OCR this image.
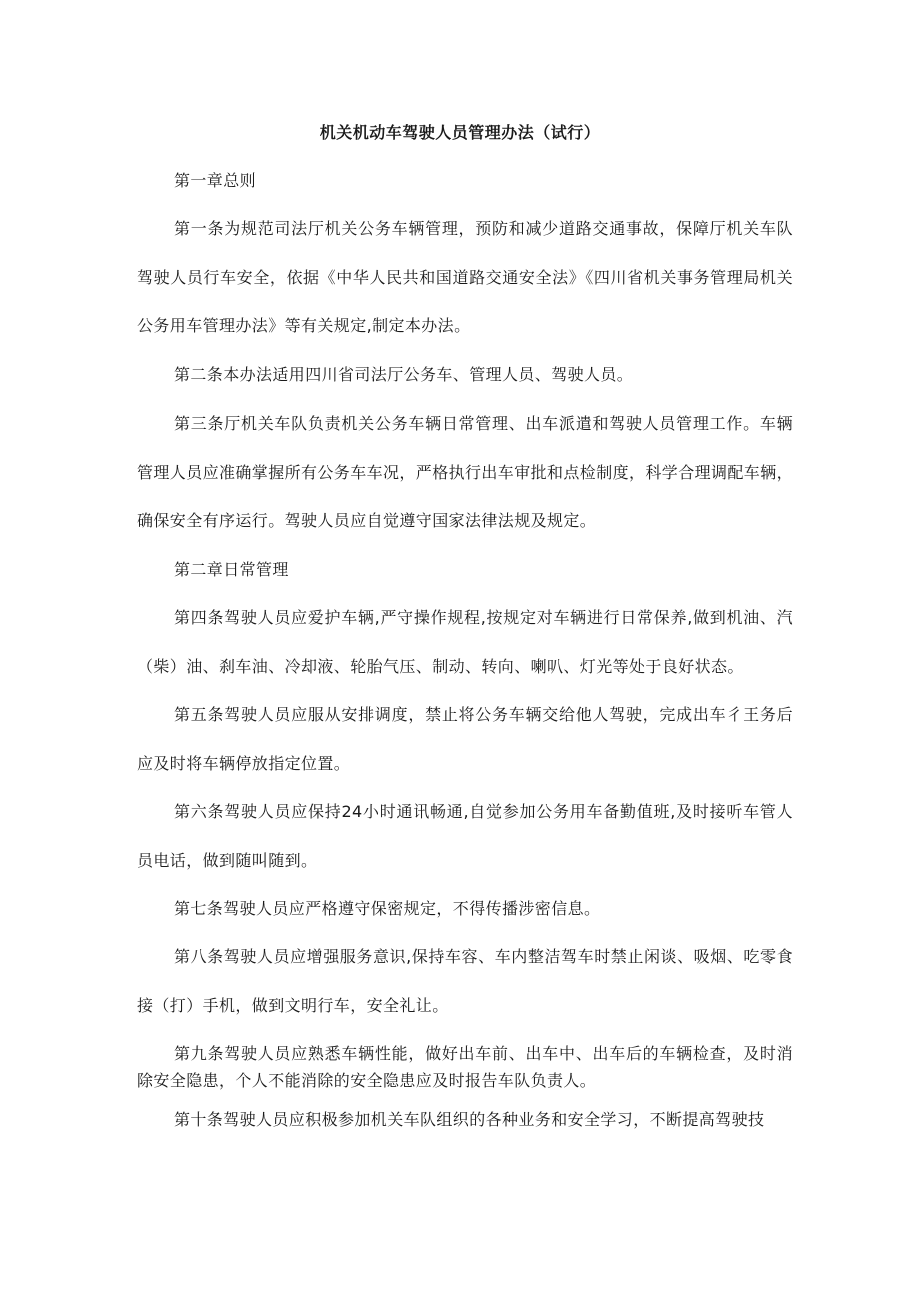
机关机动车驾驶人员管理办法（试行）

第一章总则

第一条为规范司法厅机关公务车辆管理，预防和减少道路交通事故，保障厅机关车队驾驶人员行车安全，依据《中华人民共和国道路交通安全法》《四川省机关事务管理局机关公务用车管理办法》等有关规定,制定本办法。

第二条本办法适用四川省司法厅公务车、管理人员、驾驶人员。

第三条厅机关车队负责机关公务车辆日常管理、出车派遣和驾驶人员管理工作。车辆管理人员应准确掌握所有公务车车况，严格执行出车审批和点检制度，科学合理调配车辆，确保安全有序运行。驾驶人员应自觉遵守国家法律法规及规定。

第二章日常管理

第四条驾驶人员应爱护车辆,严守操作规程,按规定对车辆进行日常保养,做到机油、汽（柴）油、刹车油、冷却液、轮胎气压、制动、转向、喇叭、灯光等处于良好状态。

第五条驾驶人员应服从安排调度，禁止将公务车辆交给他人驾驶，完成出车彳王务后应及时将车辆停放指定位置。

第六条驾驶人员应保持24小时通讯畅通,自觉参加公务用车备勤值班,及时接听车管人员电话，做到随叫随到。

第七条驾驶人员应严格遵守保密规定，不得传播涉密信息。

第八条驾驶人员应增强服务意识,保持车容、车内整洁驾车时禁止闲谈、吸烟、吃零食接（打）手机，做到文明行车，安全礼让。

第九条驾驶人员应熟悉车辆性能，做好出车前、出车中、出车后的车辆检查，及时消除安全隐患，个人不能消除的安全隐患应及时报告车队负责人。

第十条驾驶人员应积极参加机关车队组织的各种业务和安全学习，不断提高驾驶技
